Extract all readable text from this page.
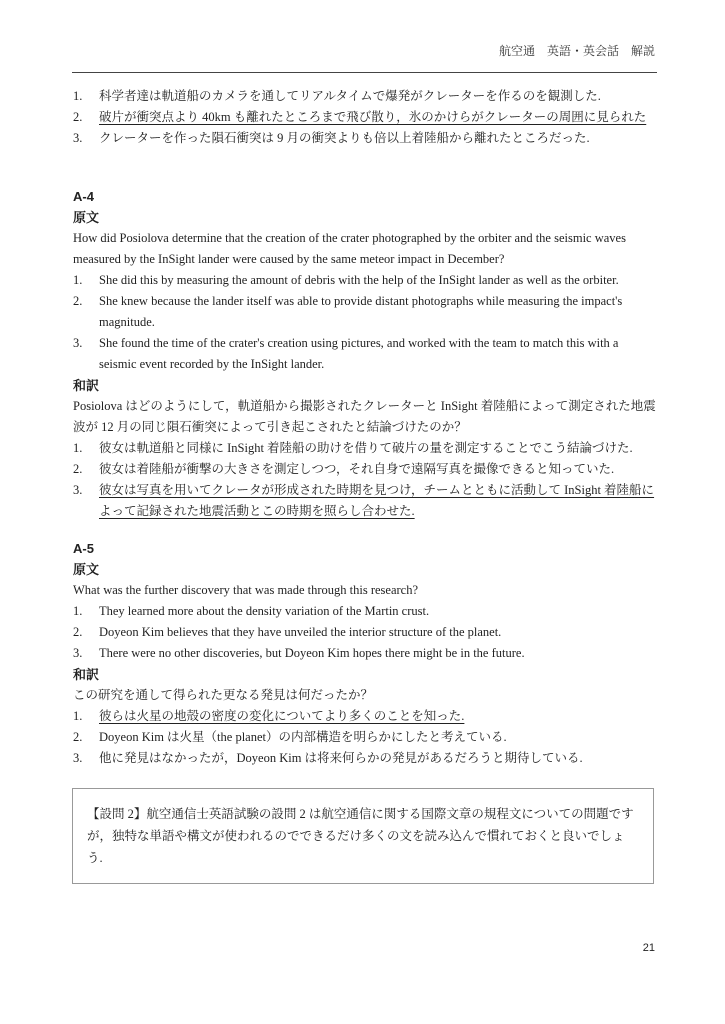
航空通　英語・英会話　解説
1.	科学者達は軌道船のカメラを通してリアルタイムで爆発がクレーターを作るのを観測した.
2.	破片が衝突点より 40km も離れたところまで飛び散り，氷のかけらがクレーターの周囲に見られた
3.	クレーターを作った隕石衝突は 9 月の衝突よりも倍以上着陸船から離れたところだった.
A-4
原文
How did Posiolova determine that the creation of the crater photographed by the orbiter and the seismic waves measured by the InSight lander were caused by the same meteor impact in December?
1.	She did this by measuring the amount of debris with the help of the InSight lander as well as the orbiter.
2.	She knew because the lander itself was able to provide distant photographs while measuring the impact's magnitude.
3.	She found the time of the crater's creation using pictures, and worked with the team to match this with a seismic event recorded by the InSight lander.
和訳
Posiolova はどのようにして，軌道船から撮影されたクレーターと InSight 着陸船によって測定された地震波が 12 月の同じ隕石衝突によって引き起こされたと結論づけたのか？
1.	彼女は軌道船と同様に InSight 着陸船の助けを借りて破片の量を測定することでこう結論づけた.
2.	彼女は着陸船が衝撃の大きさを測定しつつ，それ自身で遠隔写真を撮像できると知っていた.
3.	彼女は写真を用いてクレータが形成された時期を見つけ，チームとともに活動して InSight 着陸船によって記録された地震活動とこの時期を照らし合わせた.
A-5
原文
What was the further discovery that was made through this research?
1.	They learned more about the density variation of the Martin crust.
2.	Doyeon Kim believes that they have unveiled the interior structure of the planet.
3.	There were no other discoveries, but Doyeon Kim hopes there might be in the future.
和訳
この研究を通して得られた更なる発見は何だったか？
1.	彼らは火星の地殻の密度の変化についてより多くのことを知った.
2.	Doyeon Kim は火星（the planet）の内部構造を明らかにしたと考えている.
3.	他に発見はなかったが，Doyeon Kim は将来何らかの発見があるだろうと期待している.
【設問 2】航空通信士英語試験の設問 2 は航空通信に関する国際文章の規程文についての問題ですが，独特な単語や構文が使われるのでできるだけ多くの文を読み込んで慣れておくと良いでしょう.
21
